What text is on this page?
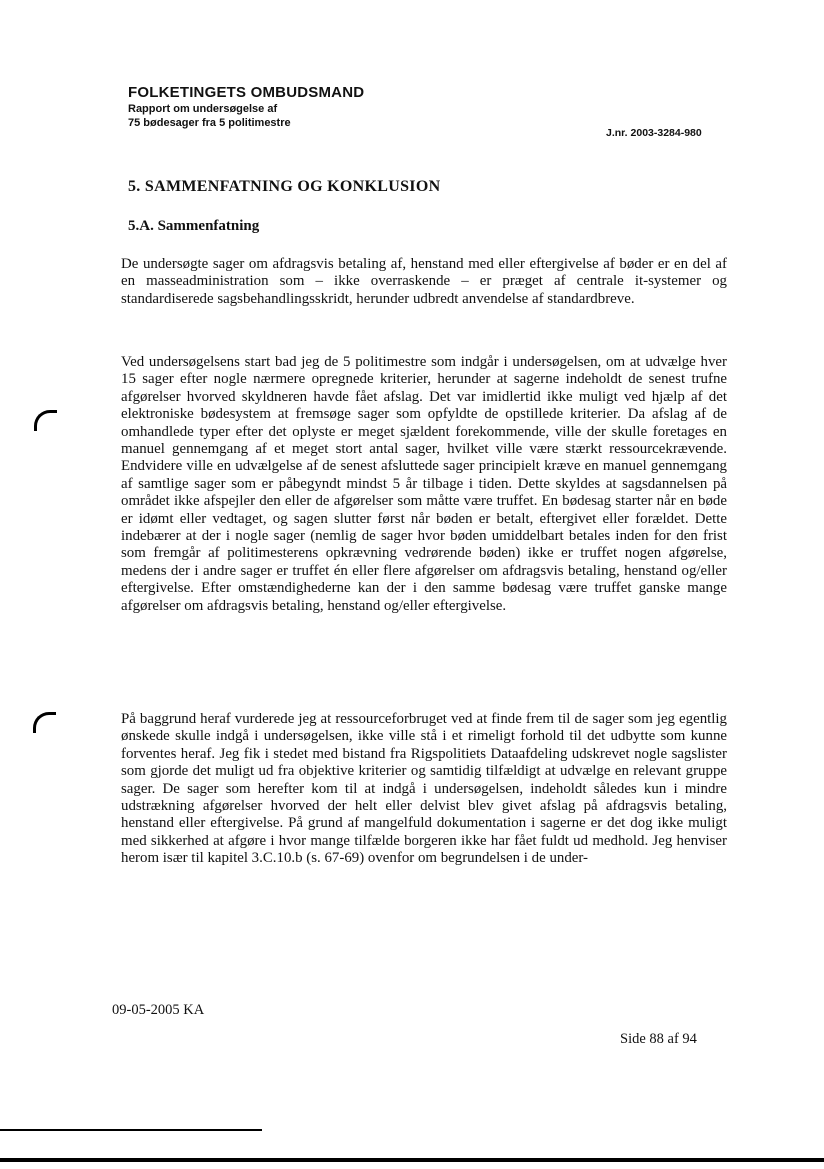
FOLKETINGETS OMBUDSMAND

Rapport om undersøgelse af

75 bødesager fra 5 politimestre

J.nr. 2003-3284-980
5. SAMMENFATNING OG KONKLUSION
5.A. Sammenfatning

De undersøgte sager om afdragsvis betaling af, henstand med eller eftergivelse af bøder er en del af en masseadministration som – ikke overraskende – er præget af centrale it-systemer og standardiserede sagsbehandlingsskridt, herunder udbredt anvendelse af standardbreve.

Ved undersøgelsens start bad jeg de 5 politimestre som indgår i undersøgelsen, om at udvælge hver 15 sager efter nogle nærmere opregnede kriterier, herunder at sagerne indeholdt de senest trufne afgørelser hvorved skyldneren havde fået afslag. Det var imidlertid ikke muligt ved hjælp af det elektroniske bødesystem at fremsøge sager som opfyldte de opstillede kriterier. Da afslag af de omhandlede typer efter det oplyste er meget sjældent forekommende, ville der skulle foretages en manuel gennemgang af et meget stort antal sager, hvilket ville være stærkt ressourcekrævende. Endvidere ville en udvælgelse af de senest afsluttede sager principielt kræve en manuel gennemgang af samtlige sager som er påbegyndt mindst 5 år tilbage i tiden. Dette skyldes at sagsdannelsen på området ikke afspejler den eller de afgørelser som måtte være truffet. En bødesag starter når en bøde er idømt eller vedtaget, og sagen slutter først når bøden er betalt, eftergivet eller forældet. Dette indebærer at der i nogle sager (nemlig de sager hvor bøden umiddelbart betales inden for den frist som fremgår af politimesterens opkrævning vedrørende bøden) ikke er truffet nogen afgørelse, medens der i andre sager er truffet én eller flere afgørelser om afdragsvis betaling, henstand og/eller eftergivelse. Efter omstændighederne kan der i den samme bødesag være truffet ganske mange afgørelser om afdragsvis betaling, henstand og/eller eftergivelse.

På baggrund heraf vurderede jeg at ressourceforbruget ved at finde frem til de sager som jeg egentlig ønskede skulle indgå i undersøgelsen, ikke ville stå i et rimeligt forhold til det udbytte som kunne forventes heraf. Jeg fik i stedet med bistand fra Rigspolitiets Dataafdeling udskrevet nogle sagslister som gjorde det muligt ud fra objektive kriterier og samtidig tilfældigt at udvælge en relevant gruppe sager. De sager som herefter kom til at indgå i undersøgelsen, indeholdt således kun i mindre udstrækning afgørelser hvorved der helt eller delvist blev givet afslag på afdragsvis betaling, henstand eller eftergivelse. På grund af mangelfuld dokumentation i sagerne er det dog ikke muligt med sikkerhed at afgøre i hvor mange tilfælde borgeren ikke har fået fuldt ud medhold. Jeg henviser herom især til kapitel 3.C.10.b (s. 67-69) ovenfor om begrundelsen i de under-

09-05-2005 KA
Side 88 af 94
